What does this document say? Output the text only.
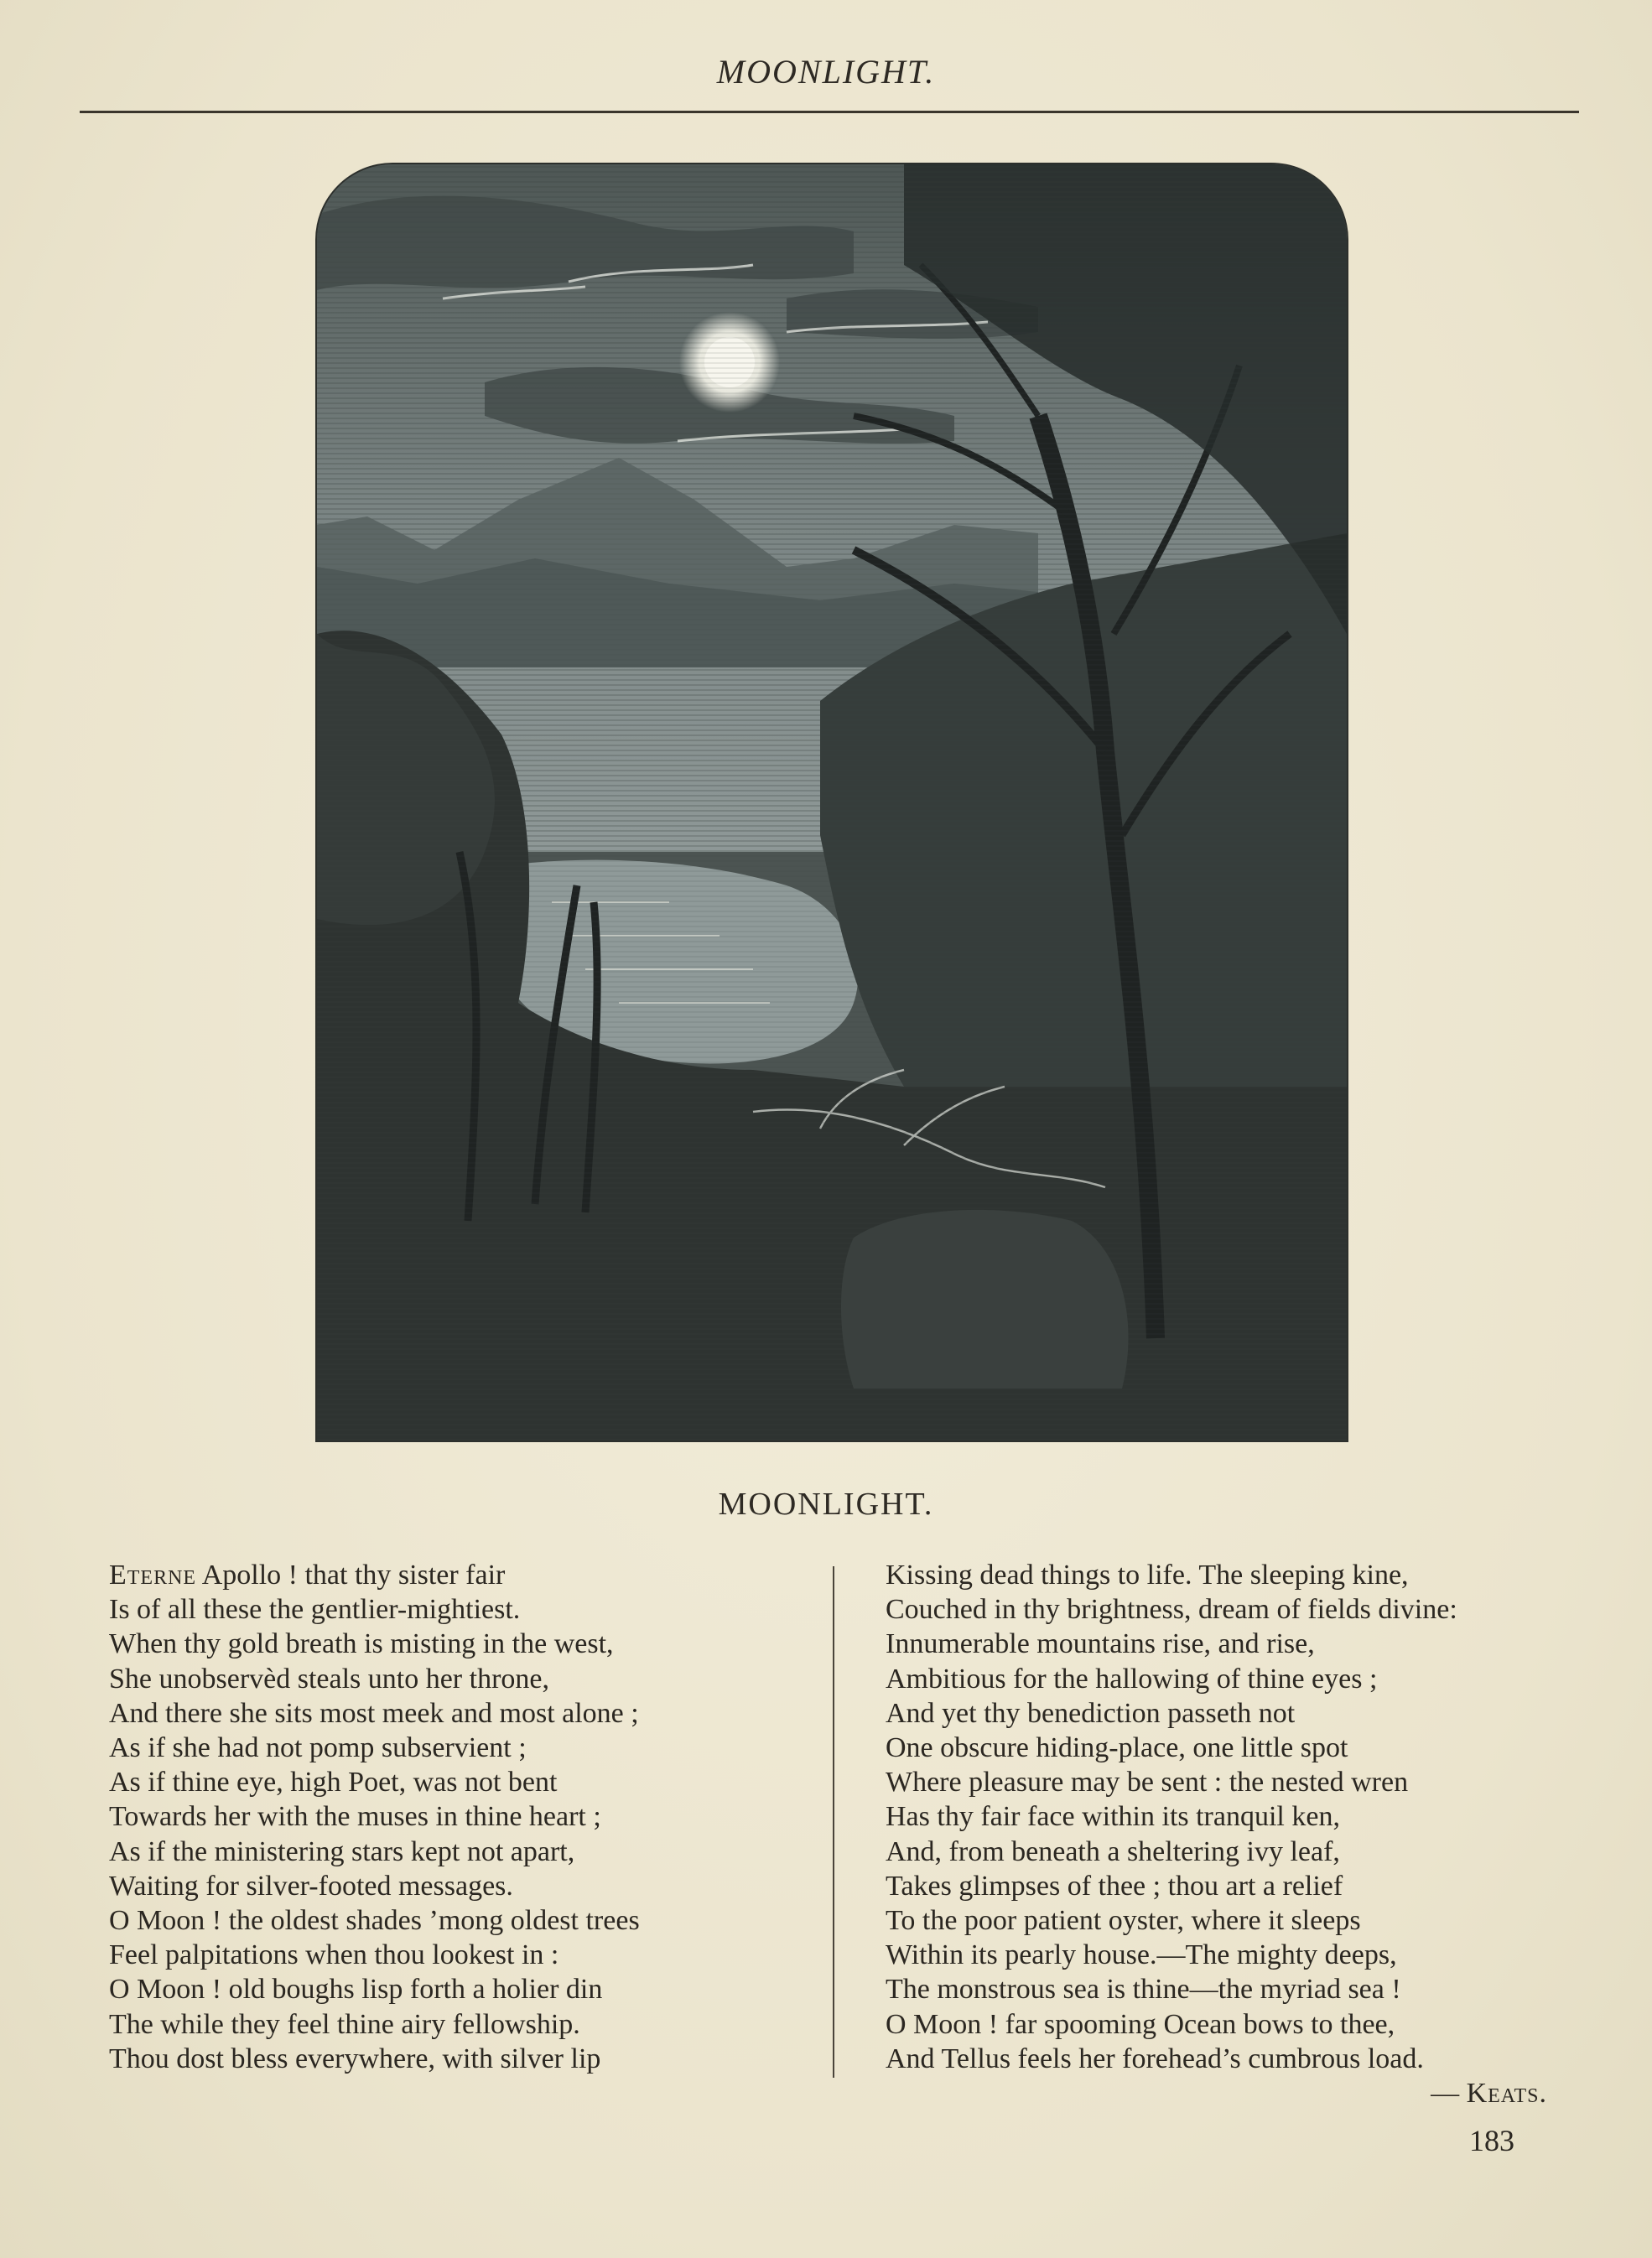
MOONLIGHT.
MOONLIGHT.
Eterne Apollo ! that thy sister fair
Is of all these the gentlier-mightiest.
When thy gold breath is misting in the west,
She unobservèd steals unto her throne,
And there she sits most meek and most alone ;
As if she had not pomp subservient ;
As if thine eye, high Poet, was not bent
Towards her with the muses in thine heart ;
As if the ministering stars kept not apart,
Waiting for silver-footed messages.
O Moon ! the oldest shades ’mong oldest trees
Feel palpitations when thou lookest in :
O Moon ! old boughs lisp forth a holier din
The while they feel thine airy fellowship.
Thou dost bless everywhere, with silver lip
Kissing dead things to life. The sleeping kine,
Couched in thy brightness, dream of fields divine:
Innumerable mountains rise, and rise,
Ambitious for the hallowing of thine eyes ;
And yet thy benediction passeth not
One obscure hiding-place, one little spot
Where pleasure may be sent : the nested wren
Has thy fair face within its tranquil ken,
And, from beneath a sheltering ivy leaf,
Takes glimpses of thee ; thou art a relief
To the poor patient oyster, where it sleeps
Within its pearly house.—The mighty deeps,
The monstrous sea is thine—the myriad sea !
O Moon ! far spooming Ocean bows to thee,
And Tellus feels her forehead’s cumbrous load.
— Keats.
183
